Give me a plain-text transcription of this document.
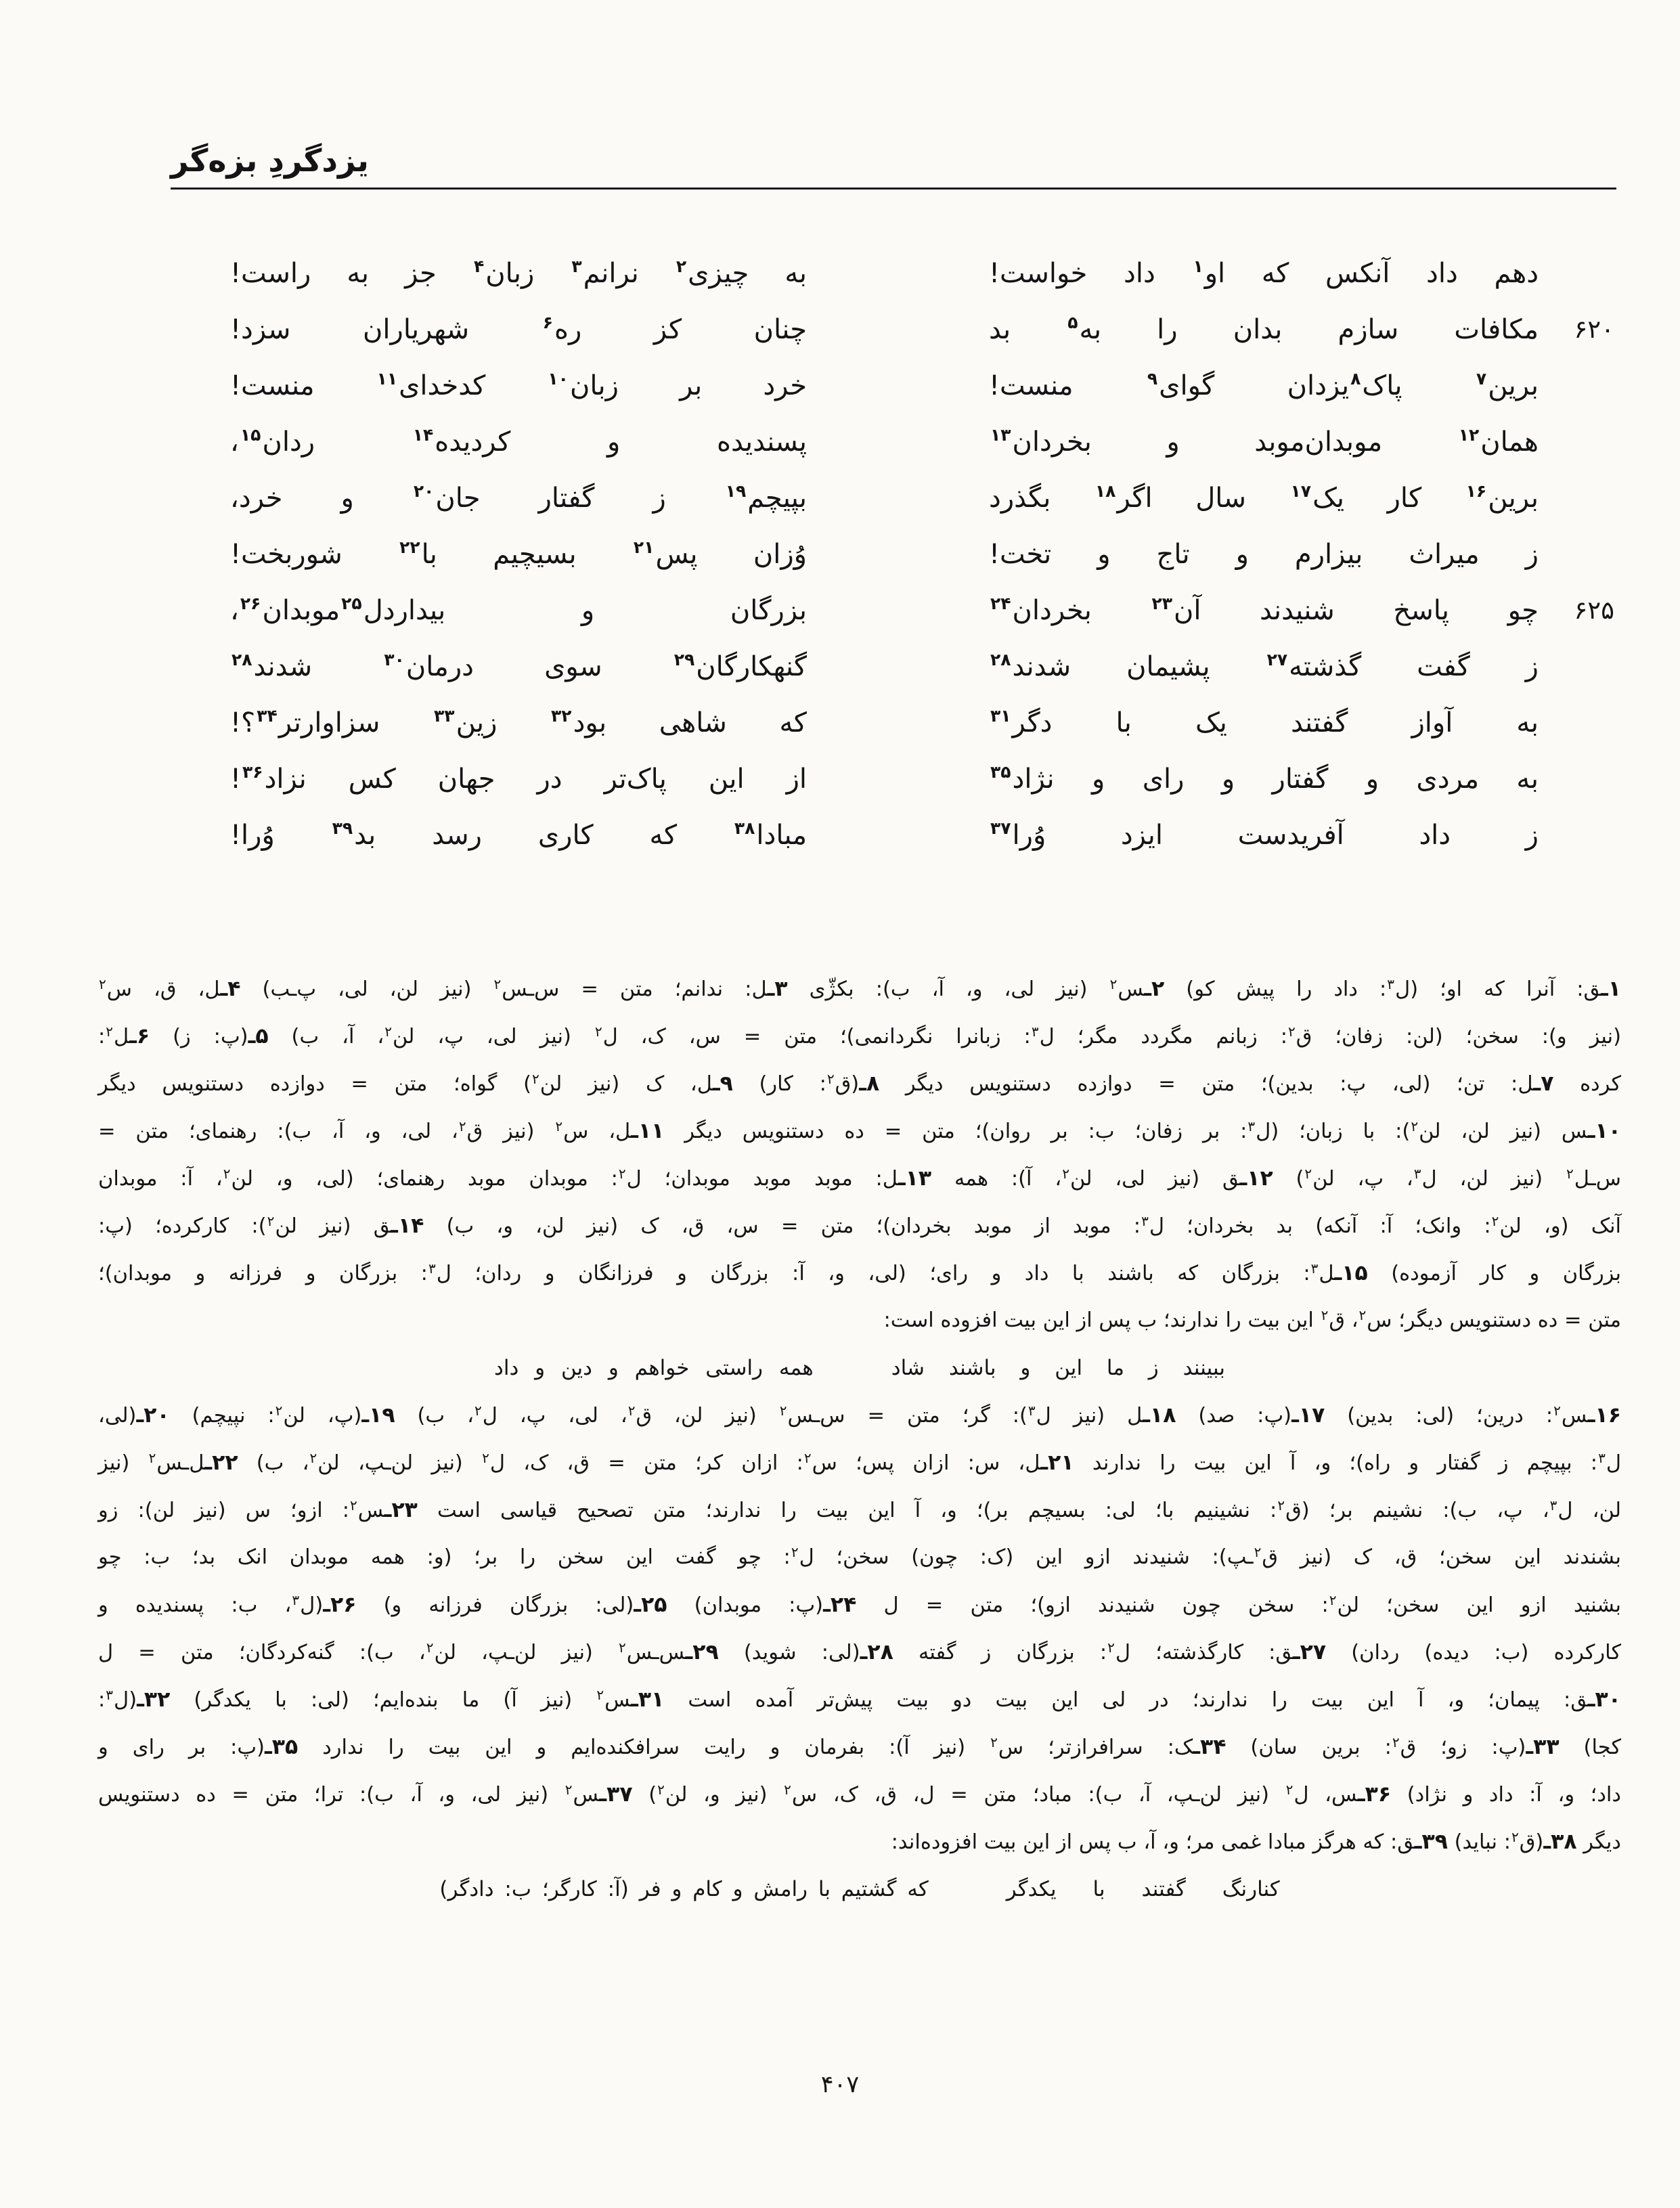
یزدگردِ بزه‌گر
دهم داد آنکس که او$^۱$ داد خواست!
به چیزی$^۲$ نرانم$^۳$ زبان$^۴$ جز به راست!
۶۲۰
مکافات سازم بدان را به$^۵$ بد
چنان کز ره$^۶$ شهریاران سزد!
برین$^۷$ پاک$^۸$یزدان گوای$^۹$ منست!
خرد بر زبان$^{۱۰}$ کدخدای$^{۱۱}$ منست!
همان$^{۱۲}$ موبدان‌موبد و بخردان$^{۱۳}$
پسندیده و کردیده$^{۱۴}$ ردان$^{۱۵}$،
برین$^{۱۶}$ کار یک$^{۱۷}$ سال اگر$^{۱۸}$ بگذرد
بپیچم$^{۱۹}$ ز گفتار جان$^{۲۰}$ و خرد،
ز میراث بیزارم و تاج و تخت!
وُزان پس$^{۲۱}$ بسیچیم با$^{۲۲}$ شوربخت!
۶۲۵
چو پاسخ شنیدند آن$^{۲۳}$ بخردان$^{۲۴}$
بزرگان و بیداردل$^{۲۵}$موبدان$^{۲۶}$،
ز گفت گذشته$^{۲۷}$ پشیمان شدند$^{۲۸}$
گنهکارگان$^{۲۹}$ سوی درمان$^{۳۰}$ شدند$^{۲۸}$
به آواز گفتند یک با دگر$^{۳۱}$
که شاهی بود$^{۳۲}$ زین$^{۳۳}$ سزاوارتر$^{۳۴}$؟!
به مردی و گفتار و رای و نژاد$^{۳۵}$
از این پاک‌تر در جهان کس نزاد$^{۳۶}$!
ز داد آفریدست ایزد وُرا$^{۳۷}$
مبادا$^{۳۸}$ که کاری رسد بد$^{۳۹}$ وُرا!
۱ـق: آنرا که او؛ (ل$^۳$: داد را پیش کو) ۲ـس$^۲$ (نیز لی، و، آ، ب): بکژّی ۳ـل: ندانم؛ متن = س‌ـس$^۲$ (نیز لن، لی، پ‌ـب) ۴ـل، ق، س$^۲$
(نیز و): سخن؛ (لن: زفان؛ ق$^۲$: زبانم مگردد مگر؛ ل$^۳$: زبانرا نگردانمی)؛ متن = س، ک، ل$^۲$ (نیز لی، پ، لن$^۲$، آ، ب) ۵ـ(پ: ز) ۶ـل$^۲$:
کرده ۷ـل: تن؛ (لی، پ: بدین)؛ متن = دوازده دستنویس دیگر ۸ـ(ق$^۲$: کار) ۹ـل، ک (نیز لن$^۲$) گواه؛ متن = دوازده دستنویس دیگر
۱۰ـس (نیز لن، لن$^۲$): با زبان؛ (ل$^۳$: بر زفان؛ ب: بر روان)؛ متن = ده دستنویس دیگر ۱۱ـل، س$^۲$ (نیز ق$^۲$، لی، و، آ، ب): رهنمای؛ متن =
س‌ـل$^۲$ (نیز لن، ل$^۳$، پ، لن$^۲$) ۱۲ـق (نیز لی، لن$^۲$، آ): همه ۱۳ـل: موبد موبد موبدان؛ ل$^۲$: موبدان موبد رهنمای؛ (لی، و، لن$^۲$، آ: موبدان
آنک (و، لن$^۲$: وانک؛ آ: آنکه) بد بخردان؛ ل$^۳$: موبد از موبد بخردان)؛ متن = س، ق، ک (نیز لن، و، ب) ۱۴ـق (نیز لن$^۲$): کارکرده؛ (پ:
بزرگان و کار آزموده) ۱۵ـل$^۳$: بزرگان که باشند با داد و رای؛ (لی، و، آ: بزرگان و فرزانگان و ردان؛ ل$^۳$: بزرگان و فرزانه و موبدان)؛
متن = ده دستنویس دیگر؛ س$^۲$، ق$^۲$ این بیت را ندارند؛ ب پس از این بیت افزوده است:
ببینند ز ما این و باشند شاد
همه راستی خواهم و دین و داد
۱۶ـس$^۲$: درین؛ (لی: بدین) ۱۷ـ(پ: صد) ۱۸ـل (نیز ل$^۳$): گر؛ متن = س‌ـس$^۲$ (نیز لن، ق$^۲$، لی، پ، ل$^۲$، ب) ۱۹ـ(پ، لن$^۲$: نپیچم) ۲۰ـ(لی،
ل$^۳$: بپیچم ز گفتار و راه)؛ و، آ این بیت را ندارند ۲۱ـل، س: ازان پس؛ س$^۲$: ازان کر؛ متن = ق، ک، ل$^۲$ (نیز لن‌ـپ، لن$^۲$، ب) ۲۲ـل‌ـس$^۲$ (نیز
لن، ل$^۳$، پ، ب): نشینم بر؛ (ق$^۲$: نشینیم با؛ لی: بسیچم بر)؛ و، آ این بیت را ندارند؛ متن تصحیح قیاسی است ۲۳ـس$^۲$: ازو؛ س (نیز لن): زو
بشندند این سخن؛ ق، ک (نیز ق$^۲$ـپ): شنیدند ازو این (ک: چون) سخن؛ ل$^۲$: چو گفت این سخن را بر؛ (و: همه موبدان انک بد؛ ب: چو
بشنید ازو این سخن؛ لن$^۲$: سخن چون شنیدند ازو)؛ متن = ل ۲۴ـ(پ: موبدان) ۲۵ـ(لی: بزرگان فرزانه و) ۲۶ـ(ل$^۳$، ب: پسندیده و
کارکرده (ب: دیده) ردان) ۲۷ـق: کارگذشته؛ ل$^۲$: بزرگان ز گفته ۲۸ـ(لی: شوید) ۲۹ـس‌ـس$^۲$ (نیز لن‌ـپ، لن$^۲$، ب): گنه‌کردگان؛ متن = ل
۳۰ـق: پیمان؛ و، آ این بیت را ندارند؛ در لی این بیت دو بیت پیش‌تر آمده است ۳۱ـس$^۲$ (نیز آ) ما بنده‌ایم؛ (لی: با یکدگر) ۳۲ـ(ل$^۳$:
کجا) ۳۳ـ(پ: زو؛ ق$^۲$: برین سان) ۳۴ـک: سرافرازتر؛ س$^۲$ (نیز آ): بفرمان و رایت سرافکنده‌ایم و این بیت را ندارد ۳۵ـ(پ: بر رای و
داد؛ و، آ: داد و نژاد) ۳۶ـس، ل$^۲$ (نیز لن‌ـپ، آ، ب): مباد؛ متن = ل، ق، ک، س$^۲$ (نیز و، لن$^۲$) ۳۷ـس$^۲$ (نیز لی، و، آ، ب): ترا؛ متن = ده دستنویس
دیگر ۳۸ـ(ق$^۲$: نباید) ۳۹ـق: که هرگز مبادا غمی مر؛ و، آ، ب پس از این بیت افزوده‌اند:
کنارنگ گفتند با یکدگر
که گشتیم با رامش و کام و فر (آ: کارگر؛ ب: دادگر)
۴۰۷
